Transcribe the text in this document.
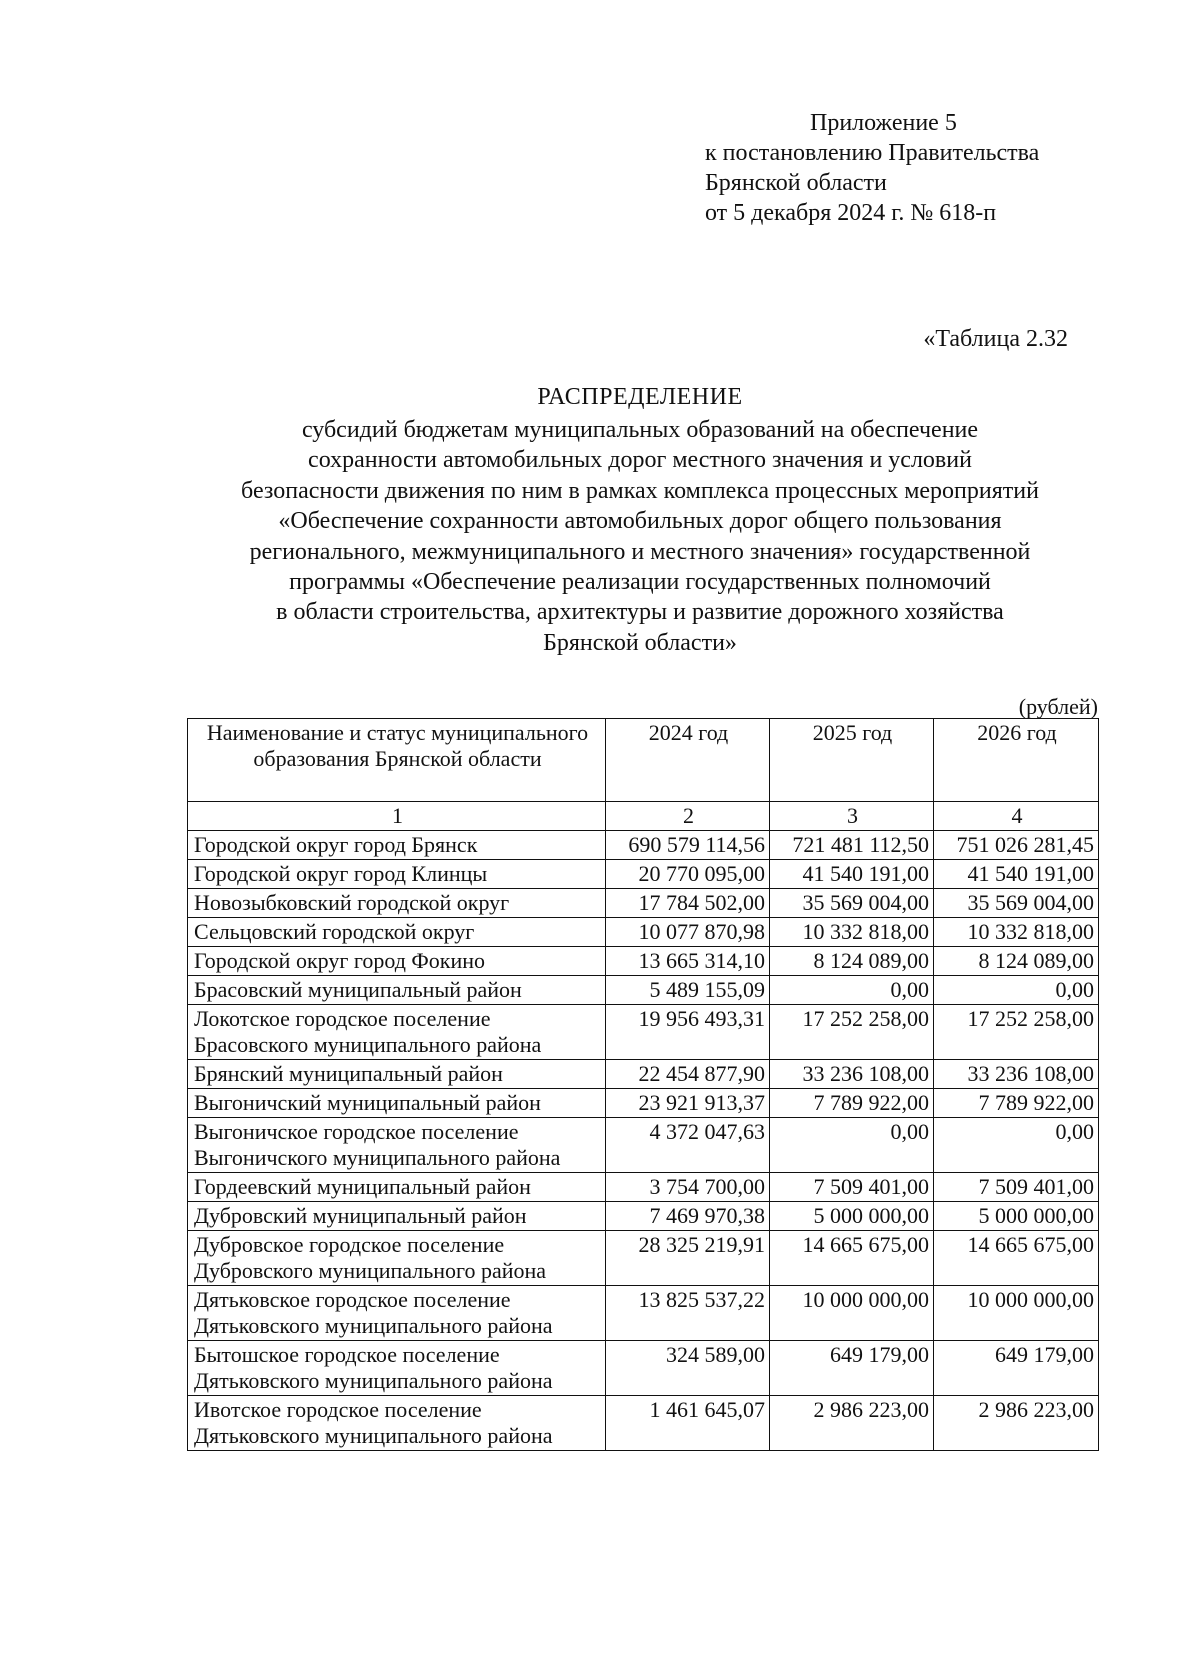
Приложение 5
к постановлению Правительства
Брянской области
от 5 декабря 2024 г. № 618-п
«Таблица 2.32
РАСПРЕДЕЛЕНИЕ
субсидий бюджетам муниципальных образований на обеспечение
сохранности автомобильных дорог местного значения и условий
безопасности движения по ним в рамках комплекса процессных мероприятий
«Обеспечение сохранности автомобильных дорог общего пользования
регионального, межмуниципального и местного значения» государственной
программы «Обеспечение реализации государственных полномочий
в области строительства, архитектуры и развитие дорожного хозяйства
Брянской области»
(рублей)
Наименование и статус муниципального образования Брянской области	2024 год	2025 год	2026 год
1	2	3	4
Городской округ город Брянск	690 579 114,56	721 481 112,50	751 026 281,45
Городской округ город Клинцы	20 770 095,00	41 540 191,00	41 540 191,00
Новозыбковский городской округ	17 784 502,00	35 569 004,00	35 569 004,00
Сельцовский городской округ	10 077 870,98	10 332 818,00	10 332 818,00
Городской округ город Фокино	13 665 314,10	8 124 089,00	8 124 089,00
Брасовский муниципальный район	5 489 155,09	0,00	0,00
Локотское городское поселение Брасовского муниципального района	19 956 493,31	17 252 258,00	17 252 258,00
Брянский муниципальный район	22 454 877,90	33 236 108,00	33 236 108,00
Выгоничский муниципальный район	23 921 913,37	7 789 922,00	7 789 922,00
Выгоничское городское поселение Выгоничского муниципального района	4 372 047,63	0,00	0,00
Гордеевский муниципальный район	3 754 700,00	7 509 401,00	7 509 401,00
Дубровский муниципальный район	7 469 970,38	5 000 000,00	5 000 000,00
Дубровское городское поселение Дубровского муниципального района	28 325 219,91	14 665 675,00	14 665 675,00
Дятьковское городское поселение Дятьковского муниципального района	13 825 537,22	10 000 000,00	10 000 000,00
Бытошское городское поселение Дятьковского муниципального района	324 589,00	649 179,00	649 179,00
Ивотское городское поселение Дятьковского муниципального района	1 461 645,07	2 986 223,00	2 986 223,00
